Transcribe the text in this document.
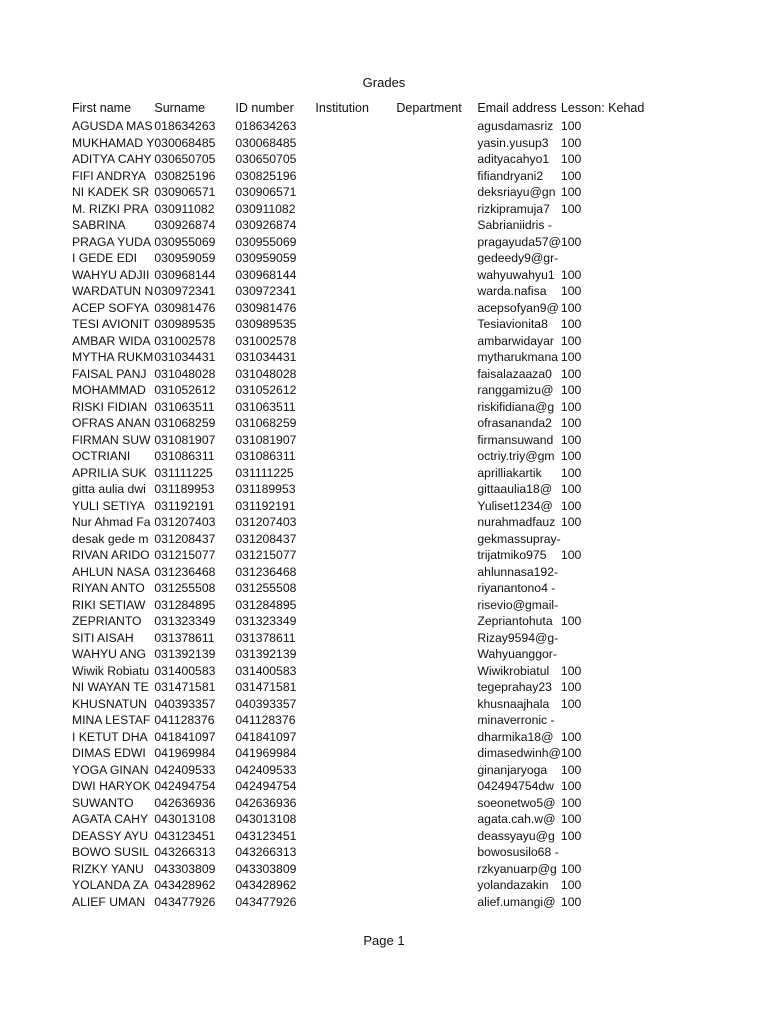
Grades
First name	Surname	ID number	Institution	Department	Email address	Lesson: Kehad
AGUSDA MAS	018634263	018634263			agusdamasriz	100
MUKHAMAD Y	030068485	030068485			yasin.yusup3	100
ADITYA CAHY	030650705	030650705			adityacahyo1	100
FIFI ANDRYA	030825196	030825196			fifiandryani2	100
NI KADEK SR	030906571	030906571			deksriayu@gn	100
M. RIZKI PRA	030911082	030911082			rizkipramuja7	100
SABRINA	030926874	030926874			Sabrianiidris -	
PRAGA YUDA	030955069	030955069			pragayuda57@	100
I GEDE EDI	030959059	030959059			gedeedy9@gr-	
WAHYU ADJII	030968144	030968144			wahyuwahyu1	100
WARDATUN N	030972341	030972341			warda.nafisa	100
ACEP SOFYA	030981476	030981476			acepsofyan9@	100
TESI AVIONIT	030989535	030989535			Tesiavionita8	100
AMBAR WIDA	031002578	031002578			ambarwidayar	100
MYTHA RUKM	031034431	031034431			mytharukmana	100
FAISAL PANJ	031048028	031048028			faisalazaaza0	100
MOHAMMAD	031052612	031052612			ranggamizu@	100
RISKI FIDIAN	031063511	031063511			riskifidiana@g	100
OFRAS ANAN	031068259	031068259			ofrasananda2	100
FIRMAN SUW	031081907	031081907			firmansuwand	100
OCTRIANI	031086311	031086311			octriy.triy@gm	100
APRILIA SUK	031111225	031111225			aprilliakartik	100
gitta aulia dwi	031189953	031189953			gittaaulia18@	100
YULI SETIYA	031192191	031192191			Yuliset1234@	100
Nur Ahmad Fa	031207403	031207403			nurahmadfauz	100
desak gede m	031208437	031208437			gekmassupray-	
RIVAN ARIDO	031215077	031215077			trijatmiko975	100
AHLUN NASA	031236468	031236468			ahlunnasa192-	
RIYAN ANTO	031255508	031255508			riyanantono4 -	
RIKI SETIAW	031284895	031284895			risevio@gmail-	
ZEPRIANTO	031323349	031323349			Zepriantohuta	100
SITI AISAH	031378611	031378611			Rizay9594@g-	
WAHYU ANG	031392139	031392139			Wahyuanggor-	
Wiwik Robiatu	031400583	031400583			Wiwikrobiatul	100
NI WAYAN TE	031471581	031471581			tegeprahay23	100
KHUSNATUN	040393357	040393357			khusnaajhala	100
MINA LESTAF	041128376	041128376			minaverronic -	
I KETUT DHA	041841097	041841097			dharmika18@	100
DIMAS EDWI	041969984	041969984			dimasedwinh@	100
YOGA GINAN	042409533	042409533			ginanjaryoga	100
DWI HARYOK	042494754	042494754			042494754dw	100
SUWANTO	042636936	042636936			soeonetwo5@	100
AGATA CAHY	043013108	043013108			agata.cah.w@	100
DEASSY AYU	043123451	043123451			deassyayu@g	100
BOWO SUSIL	043266313	043266313			bowosusilo68 -	
RIZKY YANU	043303809	043303809			rzkyanuarp@g	100
YOLANDA ZA	043428962	043428962			yolandazakin	100
ALIEF UMAN	043477926	043477926			alief.umangi@	100
Page 1
